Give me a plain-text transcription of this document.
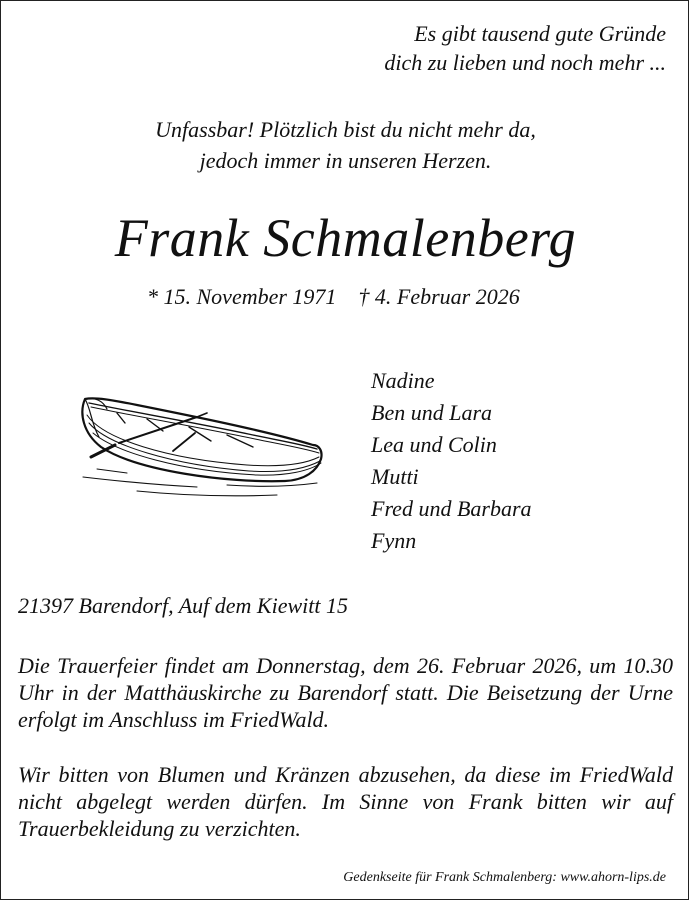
Es gibt tausend gute Gründe
dich zu lieben und noch mehr ...
Unfassbar! Plötzlich bist du nicht mehr da,
jedoch immer in unseren Herzen.
Frank Schmalenberg
* 15. November 1971 † 4. Februar 2026
Nadine
Ben und Lara
Lea und Colin
Mutti
Fred und Barbara
Fynn
21397 Barendorf, Auf dem Kiewitt 15
Die Trauerfeier findet am Donnerstag, dem 26. Februar 2026, um 10.30 Uhr in der Matthäuskirche zu Barendorf statt. Die Beisetzung der Urne erfolgt im Anschluss im FriedWald.
Wir bitten von Blumen und Kränzen abzusehen, da diese im FriedWald nicht abgelegt werden dürfen. Im Sinne von Frank bitten wir auf Trauerbekleidung zu verzichten.
Gedenkseite für Frank Schmalenberg: www.ahorn-lips.de
